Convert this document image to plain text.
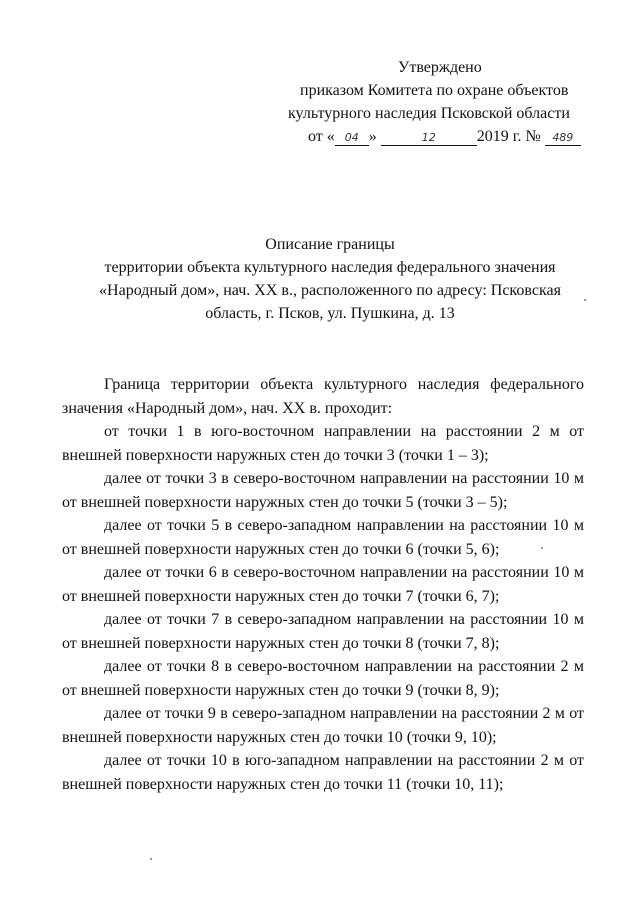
Утверждено
приказом Комитета по охране объектов
культурного наследия Псковской области
от « 04 »	12	2019 г. № 489
Описание границы
территории объекта культурного наследия федерального значения
«Народный дом», нач. XX в., расположенного по адресу: Псковская
область, г. Псков, ул. Пушкина, д. 13

Граница территории объекта культурного наследия федерального значения «Народный дом», нач. XX в. проходит:

от точки 1 в юго-восточном направлении на расстоянии 2 м от внешней поверхности наружных стен до точки 3 (точки 1 – 3);

далее от точки 3 в северо-восточном направлении на расстоянии 10 м от внешней поверхности наружных стен до точки 5 (точки 3 – 5);

далее от точки 5 в северо-западном направлении на расстоянии 10 м от внешней поверхности наружных стен до точки 6 (точки 5, 6);

далее от точки 6 в северо-восточном направлении на расстоянии 10 м от внешней поверхности наружных стен до точки 7 (точки 6, 7);

далее от точки 7 в северо-западном направлении на расстоянии 10 м от внешней поверхности наружных стен до точки 8 (точки 7, 8);

далее от точки 8 в северо-восточном направлении на расстоянии 2 м от внешней поверхности наружных стен до точки 9 (точки 8, 9);

далее от точки 9 в северо-западном направлении на расстоянии 2 м от внешней поверхности наружных стен до точки 10 (точки 9, 10);

далее от точки 10 в юго-западном направлении на расстоянии 2 м от внешней поверхности наружных стен до точки 11 (точки 10, 11);
